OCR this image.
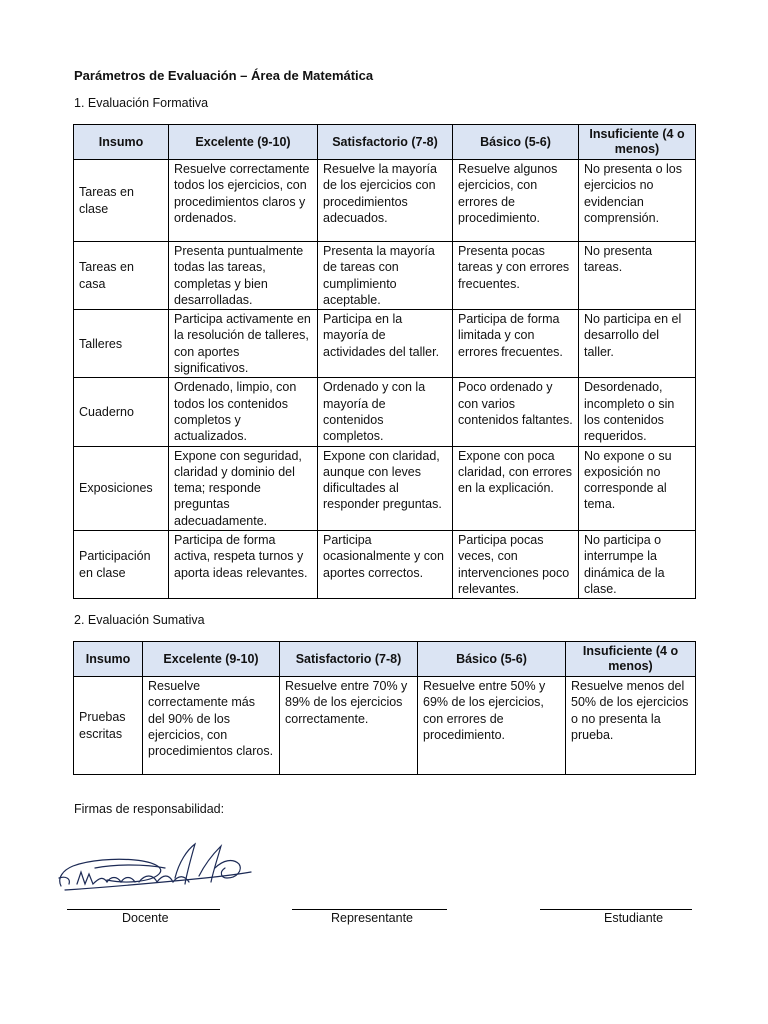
Parámetros de Evaluación – Área de Matemática
1. Evaluación Formativa
Insumo	Excelente (9-10)	Satisfactorio (7-8)	Básico (5-6)	Insuficiente (4 o menos)
Tareas en clase	Resuelve correctamente todos los ejercicios, con procedimientos claros y ordenados.	Resuelve la mayoría de los ejercicios con procedimientos adecuados.	Resuelve algunos ejercicios, con errores de procedimiento.	No presenta o los ejercicios no evidencian comprensión.
Tareas en casa	Presenta puntualmente todas las tareas, completas y bien desarrolladas.	Presenta la mayoría de tareas con cumplimiento aceptable.	Presenta pocas tareas y con errores frecuentes.	No presenta tareas.
Talleres	Participa activamente en la resolución de talleres, con aportes significativos.	Participa en la mayoría de actividades del taller.	Participa de forma limitada y con errores frecuentes.	No participa en el desarrollo del taller.
Cuaderno	Ordenado, limpio, con todos los contenidos completos y actualizados.	Ordenado y con la mayoría de contenidos completos.	Poco ordenado y con varios contenidos faltantes.	Desordenado, incompleto o sin los contenidos requeridos.
Exposiciones	Expone con seguridad, claridad y dominio del tema; responde preguntas adecuadamente.	Expone con claridad, aunque con leves dificultades al responder preguntas.	Expone con poca claridad, con errores en la explicación.	No expone o su exposición no corresponde al tema.
Participación en clase	Participa de forma activa, respeta turnos y aporta ideas relevantes.	Participa ocasionalmente y con aportes correctos.	Participa pocas veces, con intervenciones poco relevantes.	No participa o interrumpe la dinámica de la clase.
2. Evaluación Sumativa
Insumo	Excelente (9-10)	Satisfactorio (7-8)	Básico (5-6)	Insuficiente (4 o menos)
Pruebas escritas	Resuelve correctamente más del 90% de los ejercicios, con procedimientos claros.	Resuelve entre 70% y 89% de los ejercicios correctamente.	Resuelve entre 50% y 69% de los ejercicios, con errores de procedimiento.	Resuelve menos del 50% de los ejercicios o no presenta la prueba.
Firmas de responsabilidad:
Docente	Representante	Estudiante
